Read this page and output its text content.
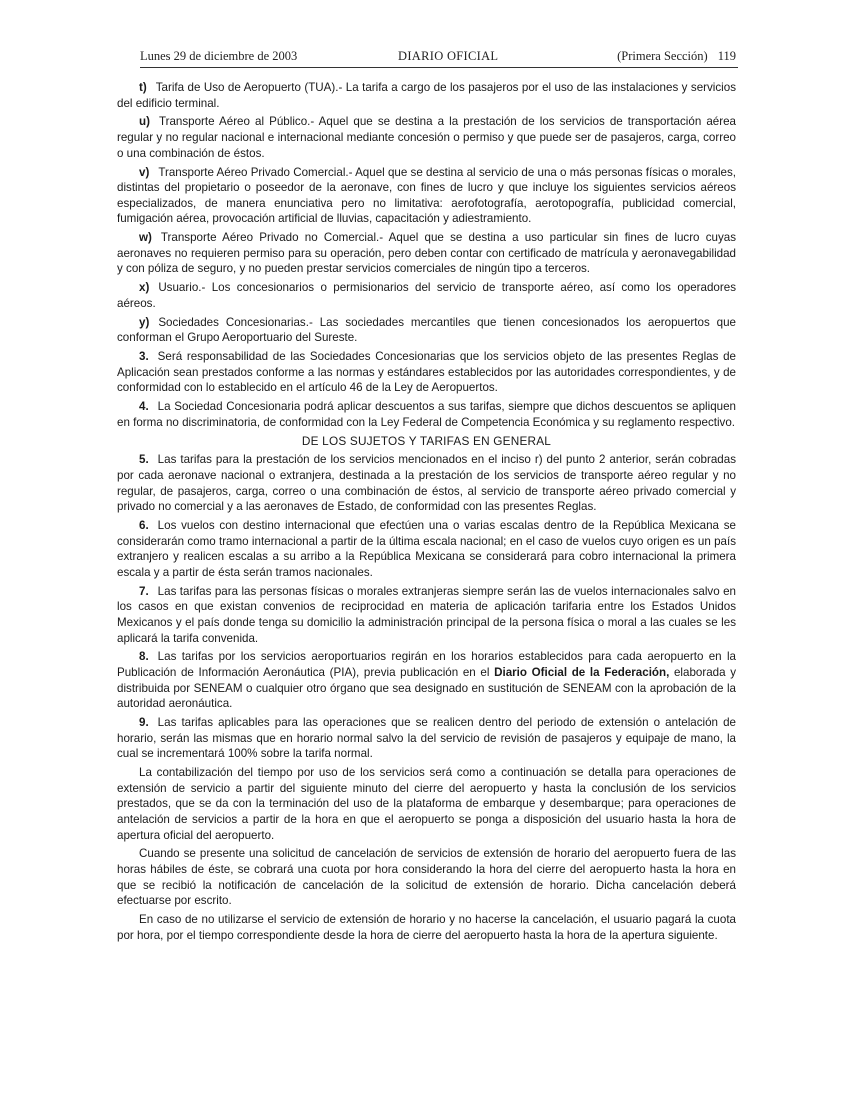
Lunes 29 de diciembre de 2003	DIARIO OFICIAL	(Primera Sección) 119

t) Tarifa de Uso de Aeropuerto (TUA).- La tarifa a cargo de los pasajeros por el uso de las instalaciones y servicios del edificio terminal.

u) Transporte Aéreo al Público.- Aquel que se destina a la prestación de los servicios de transportación aérea regular y no regular nacional e internacional mediante concesión o permiso y que puede ser de pasajeros, carga, correo o una combinación de éstos.

v) Transporte Aéreo Privado Comercial.- Aquel que se destina al servicio de una o más personas físicas o morales, distintas del propietario o poseedor de la aeronave, con fines de lucro y que incluye los siguientes servicios aéreos especializados, de manera enunciativa pero no limitativa: aerofotografía, aerotopografía, publicidad comercial, fumigación aérea, provocación artificial de lluvias, capacitación y adiestramiento.

w) Transporte Aéreo Privado no Comercial.- Aquel que se destina a uso particular sin fines de lucro cuyas aeronaves no requieren permiso para su operación, pero deben contar con certificado de matrícula y aeronavegabilidad y con póliza de seguro, y no pueden prestar servicios comerciales de ningún tipo a terceros.

x) Usuario.- Los concesionarios o permisionarios del servicio de transporte aéreo, así como los operadores aéreos.

y) Sociedades Concesionarias.- Las sociedades mercantiles que tienen concesionados los aeropuertos que conforman el Grupo Aeroportuario del Sureste.

3. Será responsabilidad de las Sociedades Concesionarias que los servicios objeto de las presentes Reglas de Aplicación sean prestados conforme a las normas y estándares establecidos por las autoridades correspondientes, y de conformidad con lo establecido en el artículo 46 de la Ley de Aeropuertos.

4. La Sociedad Concesionaria podrá aplicar descuentos a sus tarifas, siempre que dichos descuentos se apliquen en forma no discriminatoria, de conformidad con la Ley Federal de Competencia Económica y su reglamento respectivo.

DE LOS SUJETOS Y TARIFAS EN GENERAL

5. Las tarifas para la prestación de los servicios mencionados en el inciso r) del punto 2 anterior, serán cobradas por cada aeronave nacional o extranjera, destinada a la prestación de los servicios de transporte aéreo regular y no regular, de pasajeros, carga, correo o una combinación de éstos, al servicio de transporte aéreo privado comercial y privado no comercial y a las aeronaves de Estado, de conformidad con las presentes Reglas.

6. Los vuelos con destino internacional que efectúen una o varias escalas dentro de la República Mexicana se considerarán como tramo internacional a partir de la última escala nacional; en el caso de vuelos cuyo origen es un país extranjero y realicen escalas a su arribo a la República Mexicana se considerará para cobro internacional la primera escala y a partir de ésta serán tramos nacionales.

7. Las tarifas para las personas físicas o morales extranjeras siempre serán las de vuelos internacionales salvo en los casos en que existan convenios de reciprocidad en materia de aplicación tarifaria entre los Estados Unidos Mexicanos y el país donde tenga su domicilio la administración principal de la persona física o moral a las cuales se les aplicará la tarifa convenida.

8. Las tarifas por los servicios aeroportuarios regirán en los horarios establecidos para cada aeropuerto en la Publicación de Información Aeronáutica (PIA), previa publicación en el Diario Oficial de la Federación, elaborada y distribuida por SENEAM o cualquier otro órgano que sea designado en sustitución de SENEAM con la aprobación de la autoridad aeronáutica.

9. Las tarifas aplicables para las operaciones que se realicen dentro del periodo de extensión o antelación de horario, serán las mismas que en horario normal salvo la del servicio de revisión de pasajeros y equipaje de mano, la cual se incrementará 100% sobre la tarifa normal.

La contabilización del tiempo por uso de los servicios será como a continuación se detalla para operaciones de extensión de servicio a partir del siguiente minuto del cierre del aeropuerto y hasta la conclusión de los servicios prestados, que se da con la terminación del uso de la plataforma de embarque y desembarque; para operaciones de antelación de servicios a partir de la hora en que el aeropuerto se ponga a disposición del usuario hasta la hora de apertura oficial del aeropuerto.

Cuando se presente una solicitud de cancelación de servicios de extensión de horario del aeropuerto fuera de las horas hábiles de éste, se cobrará una cuota por hora considerando la hora del cierre del aeropuerto hasta la hora en que se recibió la notificación de cancelación de la solicitud de extensión de horario. Dicha cancelación deberá efectuarse por escrito.

En caso de no utilizarse el servicio de extensión de horario y no hacerse la cancelación, el usuario pagará la cuota por hora, por el tiempo correspondiente desde la hora de cierre del aeropuerto hasta la hora de la apertura siguiente.
